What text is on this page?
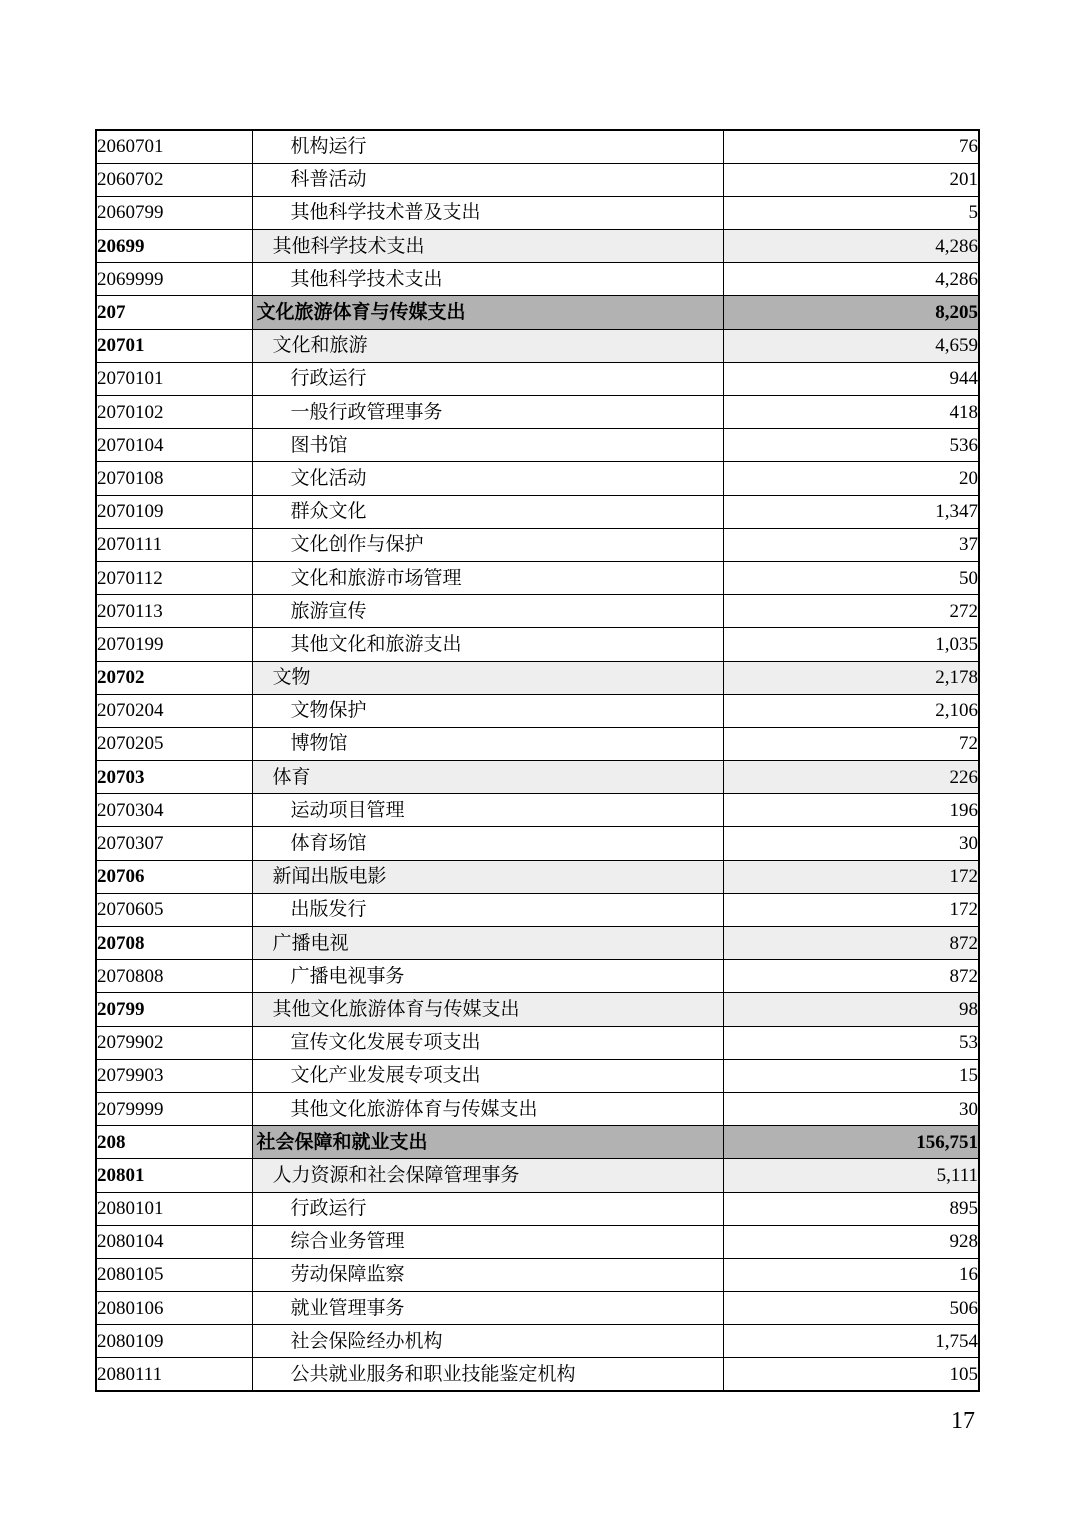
2060701	机构运行	76
2060702	科普活动	201
2060799	其他科学技术普及支出	5
20699	其他科学技术支出	4,286
2069999	其他科学技术支出	4,286
207	文化旅游体育与传媒支出	8,205
20701	文化和旅游	4,659
2070101	行政运行	944
2070102	一般行政管理事务	418
2070104	图书馆	536
2070108	文化活动	20
2070109	群众文化	1,347
2070111	文化创作与保护	37
2070112	文化和旅游市场管理	50
2070113	旅游宣传	272
2070199	其他文化和旅游支出	1,035
20702	文物	2,178
2070204	文物保护	2,106
2070205	博物馆	72
20703	体育	226
2070304	运动项目管理	196
2070307	体育场馆	30
20706	新闻出版电影	172
2070605	出版发行	172
20708	广播电视	872
2070808	广播电视事务	872
20799	其他文化旅游体育与传媒支出	98
2079902	宣传文化发展专项支出	53
2079903	文化产业发展专项支出	15
2079999	其他文化旅游体育与传媒支出	30
208	社会保障和就业支出	156,751
20801	人力资源和社会保障管理事务	5,111
2080101	行政运行	895
2080104	综合业务管理	928
2080105	劳动保障监察	16
2080106	就业管理事务	506
2080109	社会保险经办机构	1,754
2080111	公共就业服务和职业技能鉴定机构	105
17
